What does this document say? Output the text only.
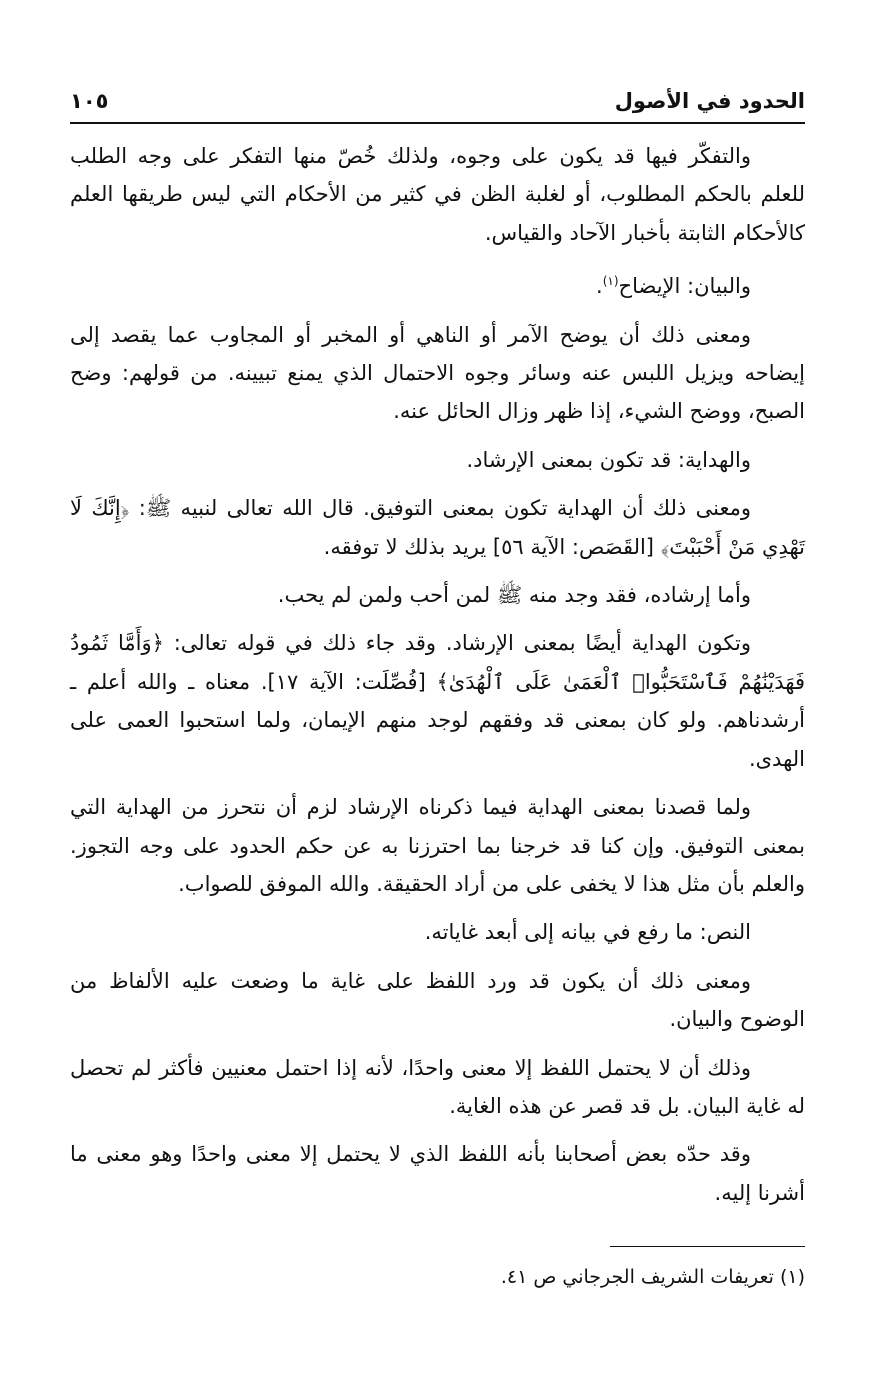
الحدود في الأصول
١٠٥

والتفكّر فيها قد يكون على وجوه، ولذلك خُصّ منها التفكر على وجه الطلب للعلم بالحكم المطلوب، أو لغلبة الظن في كثير من الأحكام التي ليس طريقها العلم كالأحكام الثابتة بأخبار الآحاد والقياس.

والبيان: الإيضاح$^{(١)}$.

ومعنى ذلك أن يوضح الآمر أو الناهي أو المخبر أو المجاوب عما يقصد إلى إيضاحه ويزيل اللبس عنه وسائر وجوه الاحتمال الذي يمنع تبيينه. من قولهم: وضح الصبح، ووضح الشيء، إذا ظهر وزال الحائل عنه.

والهداية: قد تكون بمعنى الإرشاد.

ومعنى ذلك أن الهداية تكون بمعنى التوفيق. قال الله تعالى لنبيه ﷺ: ﴿إِنَّكَ لَا تَهْدِي مَنْ أَحْبَبْتَ﴾ [القَصَص: الآية ٥٦] يريد بذلك لا توفقه.

وأما إرشاده، فقد وجد منه ﷺ لمن أحب ولمن لم يحب.

وتكون الهداية أيضًا بمعنى الإرشاد. وقد جاء ذلك في قوله تعالى: ﴿وَأَمَّا ثَمُودُ فَهَدَيْنَٰهُمْ فَٱسْتَحَبُّوا۟ ٱلْعَمَىٰ عَلَى ٱلْهُدَىٰ﴾ [فُصِّلَت: الآية ١٧]. معناه ـ والله أعلم ـ أرشدناهم. ولو كان بمعنى قد وفقهم لوجد منهم الإيمان، ولما استحبوا العمى على الهدى.

ولما قصدنا بمعنى الهداية فيما ذكرناه الإرشاد لزم أن نتحرز من الهداية التي بمعنى التوفيق. وإن كنا قد خرجنا بما احترزنا به عن حكم الحدود على وجه التجوز. والعلم بأن مثل هذا لا يخفى على من أراد الحقيقة. والله الموفق للصواب.

النص: ما رفع في بيانه إلى أبعد غاياته.

ومعنى ذلك أن يكون قد ورد اللفظ على غاية ما وضعت عليه الألفاظ من الوضوح والبيان.

وذلك أن لا يحتمل اللفظ إلا معنى واحدًا، لأنه إذا احتمل معنيين فأكثر لم تحصل له غاية البيان. بل قد قصر عن هذه الغاية.

وقد حدّه بعض أصحابنا بأنه اللفظ الذي لا يحتمل إلا معنى واحدًا وهو معنى ما أشرنا إليه.

(١) تعريفات الشريف الجرجاني ص ٤١.
